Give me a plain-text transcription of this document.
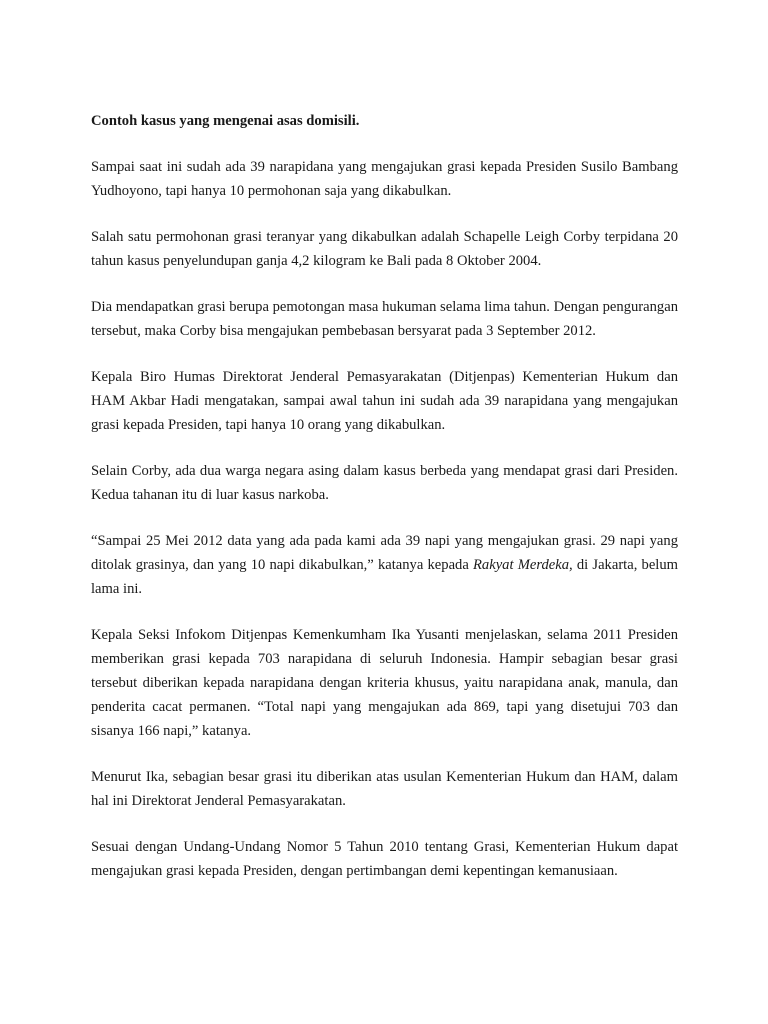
Contoh kasus yang mengenai asas domisili.

Sampai saat ini sudah ada 39 narapidana yang mengajukan grasi kepada Presiden Susilo Bambang Yudhoyono, tapi hanya 10 permohonan saja yang dikabulkan.

Salah satu permohonan grasi teranyar yang dikabulkan adalah Schapelle Leigh Corby terpidana 20 tahun kasus penyelundupan ganja 4,2 kilogram ke Bali pada 8 Oktober 2004.

Dia mendapatkan grasi berupa pemotongan masa hukuman selama lima tahun. Dengan pengurangan tersebut, maka Corby bisa mengajukan pembebasan bersyarat pada 3 September 2012.

Kepala Biro Humas Direktorat Jenderal Pemasyarakatan (Ditjenpas) Kementerian Hukum dan HAM Akbar Hadi mengatakan, sampai awal tahun ini sudah ada 39 narapidana yang mengajukan grasi kepada Presiden, tapi hanya 10 orang yang dikabulkan.

Selain Corby, ada dua warga negara asing dalam kasus berbeda yang mendapat grasi dari Presiden. Kedua tahanan itu di luar kasus narkoba.

“Sampai 25 Mei 2012 data yang ada pada kami ada 39 napi yang mengajukan grasi. 29 napi yang ditolak grasinya, dan yang 10 napi dikabulkan,” katanya kepada Rakyat Merdeka, di Jakarta, belum lama ini.

Kepala Seksi Infokom Ditjenpas Kemenkumham Ika Yusanti menjelaskan, selama 2011 Presiden memberikan grasi kepada 703 narapidana di seluruh Indonesia. Hampir sebagian besar grasi tersebut diberikan kepada narapidana dengan kriteria khusus, yaitu narapidana anak, manula, dan penderita cacat permanen. “Total napi yang mengajukan ada 869, tapi yang disetujui 703 dan sisanya 166 napi,” katanya.

Menurut Ika, sebagian besar grasi itu diberikan atas usulan Kementerian Hukum dan HAM, dalam hal ini Direktorat Jenderal Pemasyarakatan.

Sesuai dengan Undang-Undang Nomor 5 Tahun 2010 tentang Grasi, Kementerian Hukum dapat mengajukan grasi kepada Presiden, dengan pertimbangan demi kepentingan kemanusiaan.
